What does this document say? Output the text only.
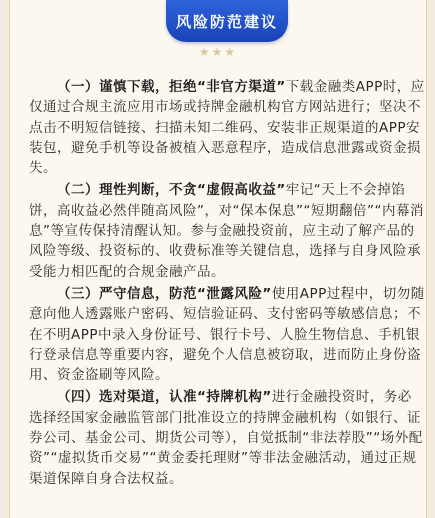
风险防范建议
★★★

（一）谨慎下载，拒绝“非官方渠道”下载金融类APP时，应仅通过合规主流应用市场或持牌金融机构官方网站进行；坚决不点击不明短信链接、扫描未知二维码、安装非正规渠道的APP安装包，避免手机等设备被植入恶意程序，造成信息泄露或资金损失。

（二）理性判断，不贪“虚假高收益”牢记“天上不会掉馅饼，高收益必然伴随高风险”，对“保本保息”“短期翻倍”“内幕消息”等宣传保持清醒认知。参与金融投资前，应主动了解产品的风险等级、投资标的、收费标准等关键信息，选择与自身风险承受能力相匹配的合规金融产品。

（三）严守信息，防范“泄露风险”使用APP过程中，切勿随意向他人透露账户密码、短信验证码、支付密码等敏感信息；不在不明APP中录入身份证号、银行卡号、人脸生物信息、手机银行登录信息等重要内容，避免个人信息被窃取，进而防止身份盗用、资金盗刷等风险。

（四）选对渠道，认准“持牌机构”进行金融投资时，务必选择经国家金融监管部门批准设立的持牌金融机构（如银行、证券公司、基金公司、期货公司等），自觉抵制“非法荐股”“场外配资”“虚拟货币交易”“黄金委托理财”等非法金融活动，通过正规渠道保障自身合法权益。
